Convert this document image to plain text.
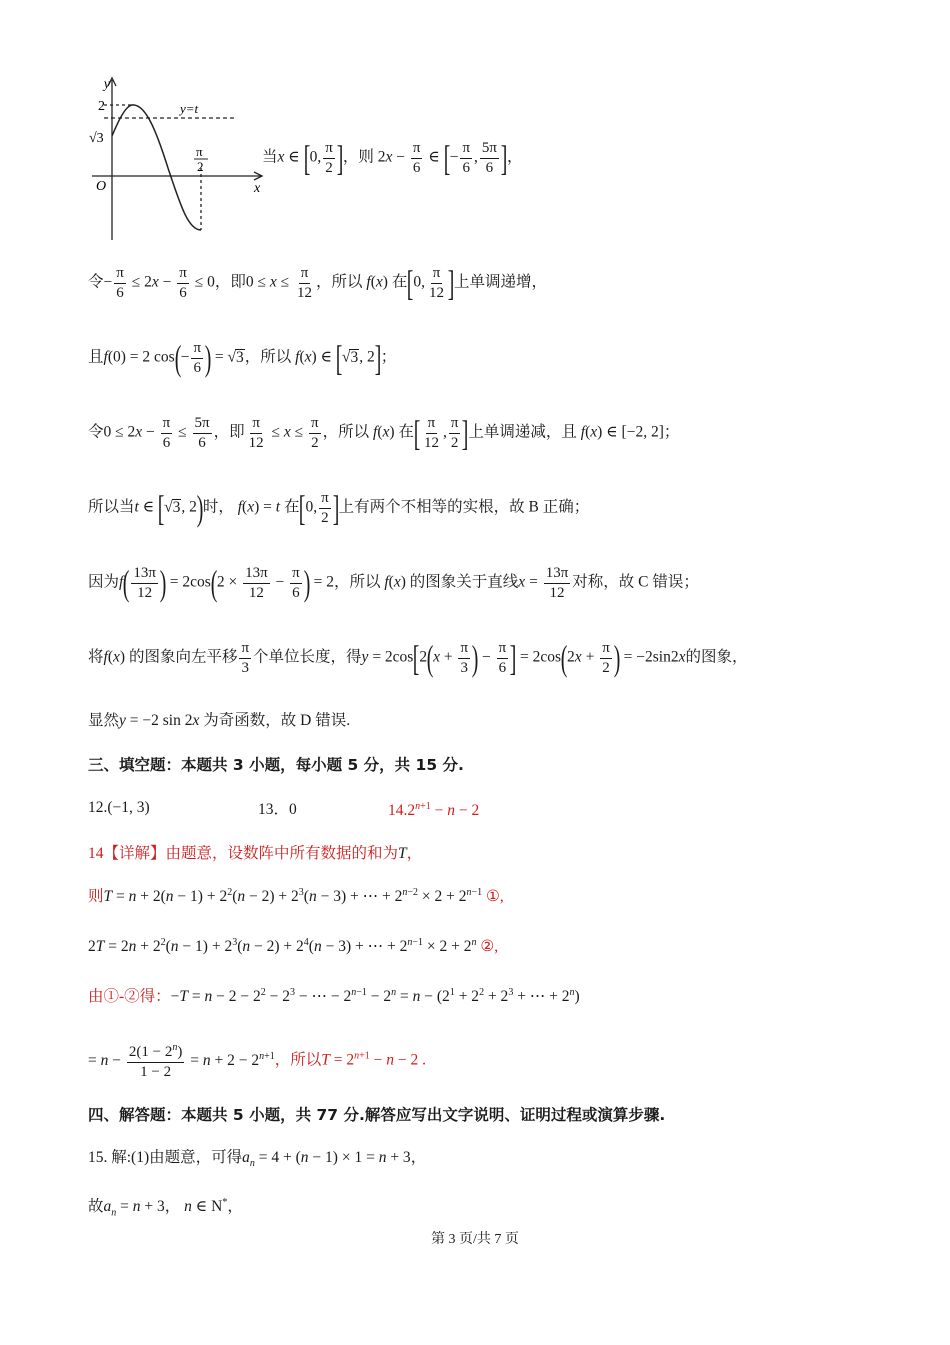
y
x
O
2
√3
y=t
π
2
当x ∈ [0, $\frac{\pi}{2}$ ]，则 $2x - \frac{\pi}{6}$ ∈ [− $\frac{\pi}{6}$ , $\frac{5\pi}{6}$ ]，
令− $\frac{\pi}{6} \le 2x - \frac{\pi}{6} \le 0$，即$0 \le x \le \frac{\pi}{12}$ ，所以 f(x) 在[0, $\frac{\pi}{12}$ ]上单调递增，
且f(0) = 2 $\cos(- \frac{\pi}{6}$ ) = √3，所以 f(x) ∈ [√3, 2]；
令$0 \le 2x - \frac{\pi}{6} \le \frac{5\pi}{6}$ ，即 $\frac{\pi}{12} \le x \le \frac{\pi}{2}$ ，所以 f(x) 在[ $\frac{\pi}{12}$ , $\frac{\pi}{2}$ ]上单调递减，且 f(x) ∈ [−2, 2]；
所以当t ∈ [√3, 2)时， f(x) = t 在[0, $\frac{\pi}{2}$ ]上有两个不相等的实根，故 B 正确；
因为$f( \frac{13\pi}{12}$ ) = $2\cos(2 \times \frac{13\pi}{12} - \frac{\pi}{6}$ ) = 2，所以 f(x) 的图象关于直线$x = \frac{13\pi}{12}$ 对称，故 C 错误；
将f(x) 的图象向左平移 $\frac{\pi}{3}$ 个单位长度，得$y = 2\cos[2(x + \frac{\pi}{3}$ ) − $\frac{\pi}{6}$ ] = $2\cos(2x + \frac{\pi}{2}$ ) = −2sin2x的图象，
显然y = −2 sin 2x 为奇函数，故 D 错误.
三、填空题：本题共 3 小题，每小题 5 分，共 15 分.
12.(−1, 3)	13．0	$14.2^{n+1} - n - 2$
14【详解】由题意，设数阵中所有数据的和为T，
则$T = n + 2(n - 1) + 2^2(n - 2) + 2^3(n - 3)$ + ⋯ + $2^{n-2} \times 2 + 2^{n-1}$ ①,
$2T = 2n + 2^2(n - 1) + 2^3(n - 2) + 2^4(n - 3)$ + ⋯ + $2^{n-1} \times 2 + 2^n$ ②,
由①-②得：$-T = n - 2 - 2^2 - 2^3$ − ⋯ − $2^{n-1} - 2^n = n - (2^1 + 2^2 + 2^3$ + ⋯ + $2^n$)
= $n - \frac{2(1 - 2^n)}{1 - 2} = n + 2 - 2^{n+1}$，所以$T = 2^{n+1} - n - 2$ .
四、解答题：本题共 5 小题，共 77 分.解答应写出文字说明、证明过程或演算步骤.
15. 解:(1)由题意，可得$a_n = 4 + (n - 1) \times 1 = n + 3$，
故$a_n = n + 3$， n ∈ N*，
第 3 页/共 7 页
